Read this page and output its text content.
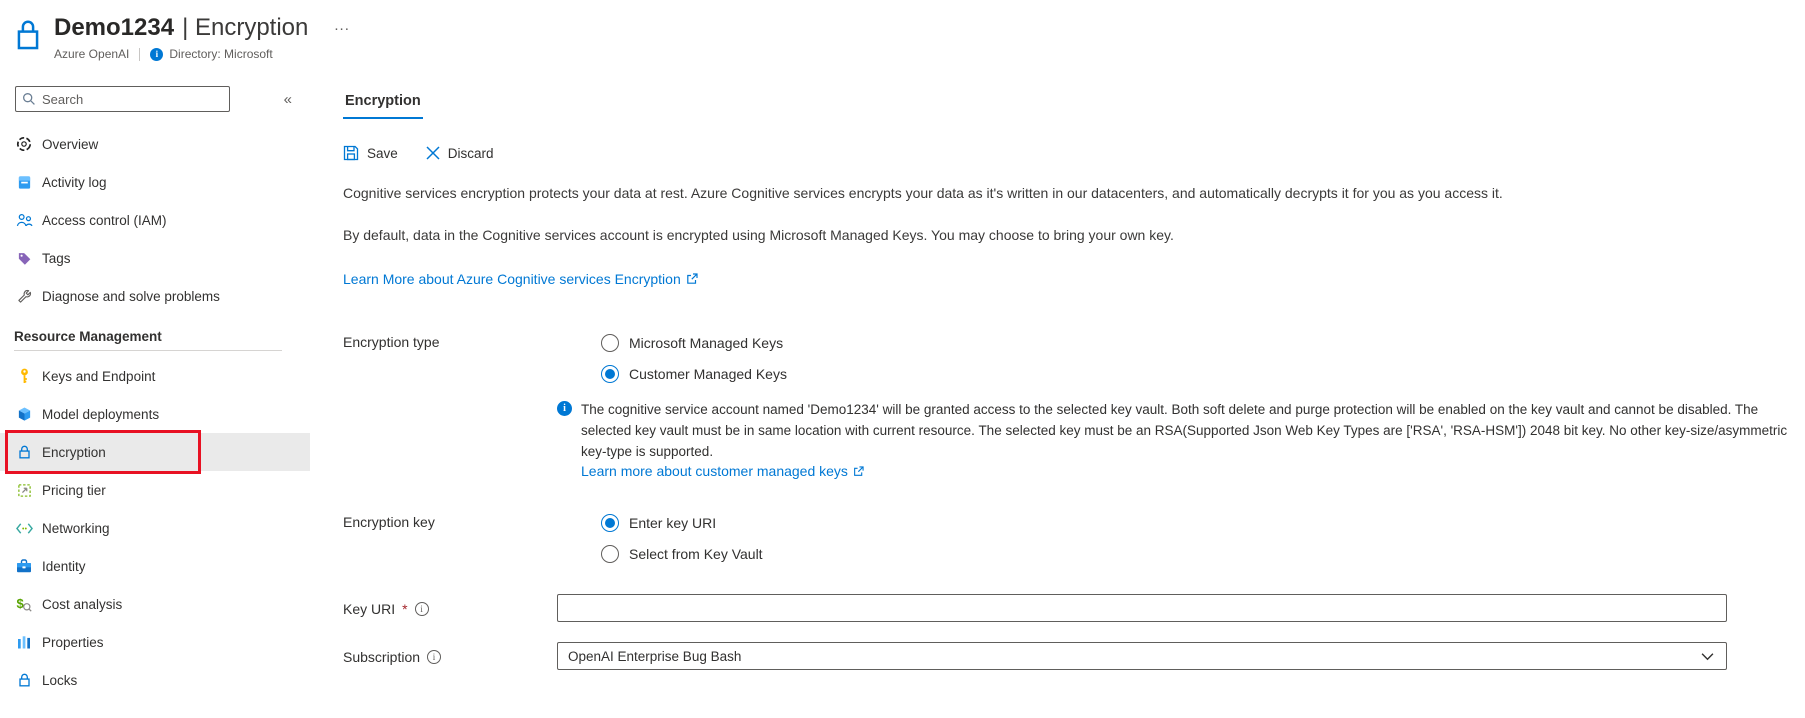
Demo1234 | Encryption ...
Azure OpenAI	i Directory: Microsoft
Search
«
Overview
Activity log
Access control (IAM)
Tags
Diagnose and solve problems
Resource Management
Keys and Endpoint
Model deployments
Encryption
Pricing tier
Networking
Identity
$ Cost analysis
Properties
Locks
Encryption
Save	Discard
Cognitive services encryption protects your data at rest. Azure Cognitive services encrypts your data as it's written in our datacenters, and automatically decrypts it for you as you access it.
By default, data in the Cognitive services account is encrypted using Microsoft Managed Keys. You may choose to bring your own key.
Learn More about Azure Cognitive services Encryption
Encryption type	Microsoft Managed Keys
Customer Managed Keys
i	The cognitive service account named 'Demo1234' will be granted access to the selected key vault. Both soft delete and purge protection will be enabled on the key vault and cannot be disabled. The selected key vault must be in same location with current resource. The selected key must be an RSA(Supported Json Web Key Types are ['RSA', 'RSA-HSM']) 2048 bit key. No other key-size/asymmetric key-type is supported.
Learn more about customer managed keys
Encryption key	Enter key URI
Select from Key Vault
Key URI *	i
Subscription	i	OpenAI Enterprise Bug Bash
